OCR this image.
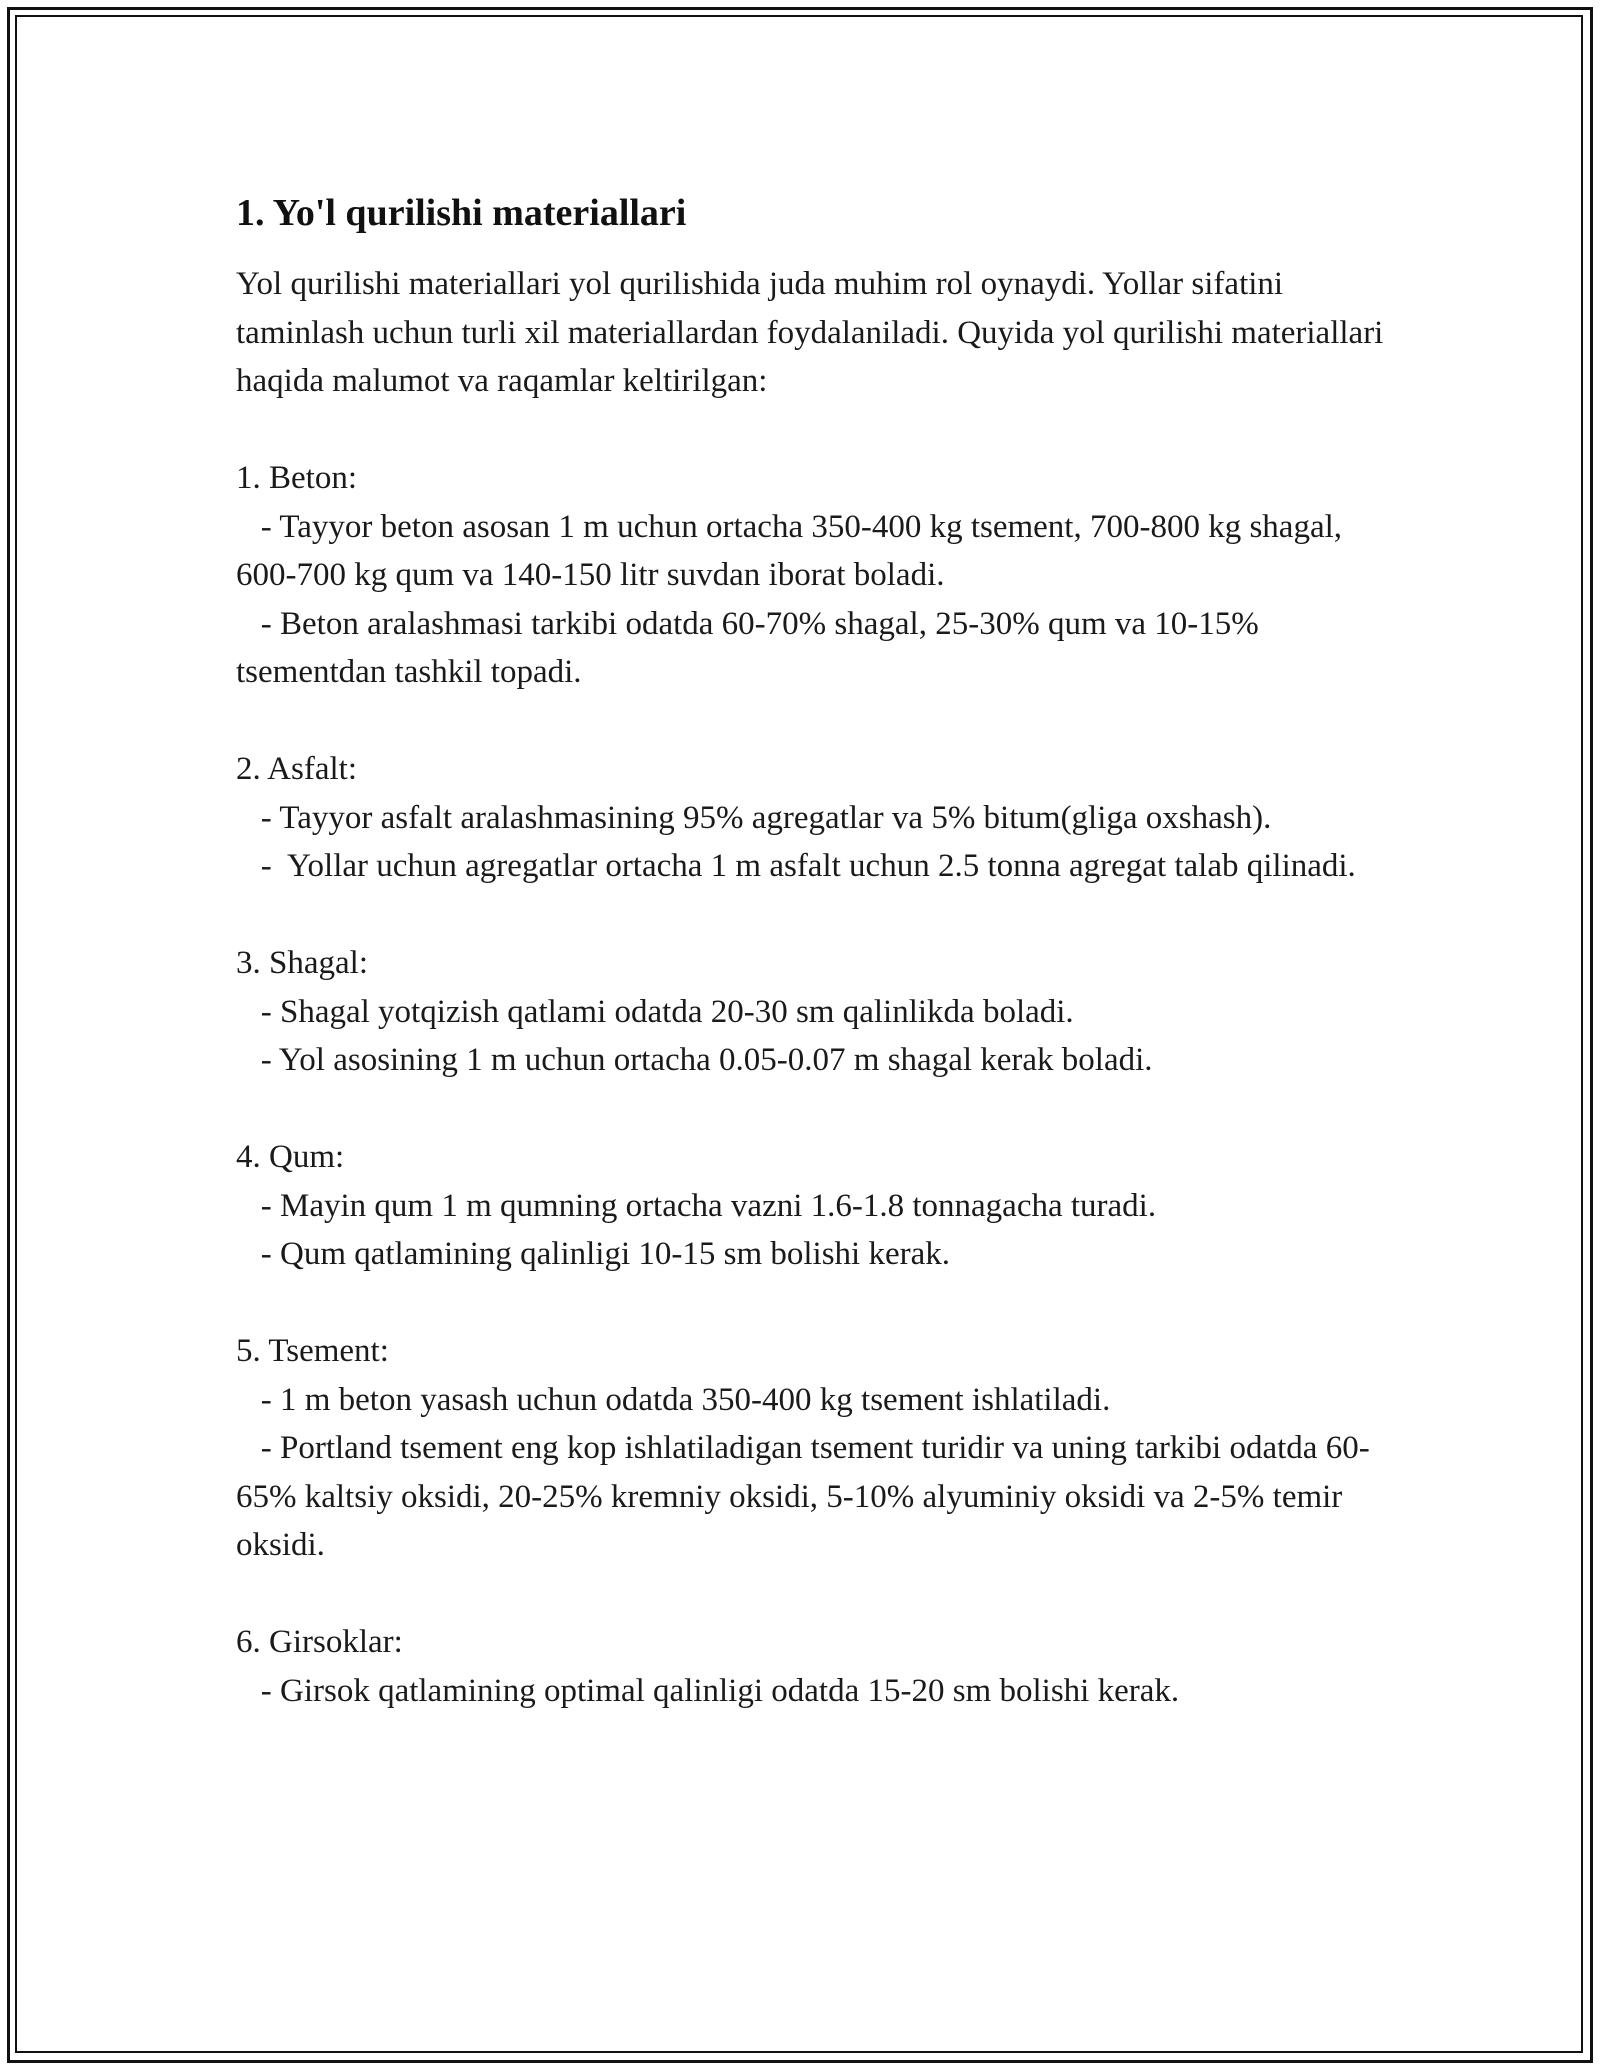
1. Yo'l qurilishi materiallari

Yol qurilishi materiallari yol qurilishida juda muhim rol oynaydi. Yollar sifatini taminlash uchun turli xil materiallardan foydalaniladi. Quyida yol qurilishi materiallari haqida malumot va raqamlar keltirilgan:

1. Beton:

- Tayyor beton asosan 1 m uchun ortacha 350-400 kg tsement, 700-800 kg shagal, 600-700 kg qum va 140-150 litr suvdan iborat boladi.

- Beton aralashmasi tarkibi odatda 60-70% shagal, 25-30% qum va 10-15% tsementdan tashkil topadi.

2. Asfalt:

- Tayyor asfalt aralashmasining 95% agregatlar va 5% bitum(gliga oxshash).

-  Yollar uchun agregatlar ortacha 1 m asfalt uchun 2.5 tonna agregat talab qilinadi.

3. Shagal:

- Shagal yotqizish qatlami odatda 20-30 sm qalinlikda boladi.

- Yol asosining 1 m uchun ortacha 0.05-0.07 m shagal kerak boladi.

4. Qum:

- Mayin qum 1 m qumning ortacha vazni 1.6-1.8 tonnagacha turadi.

- Qum qatlamining qalinligi 10-15 sm bolishi kerak.

5. Tsement:

- 1 m beton yasash uchun odatda 350-400 kg tsement ishlatiladi.

- Portland tsement eng kop ishlatiladigan tsement turidir va uning tarkibi odatda 60-65% kaltsiy oksidi, 20-25% kremniy oksidi, 5-10% alyuminiy oksidi va 2-5% temir oksidi.

6. Girsoklar:

- Girsok qatlamining optimal qalinligi odatda 15-20 sm bolishi kerak.
